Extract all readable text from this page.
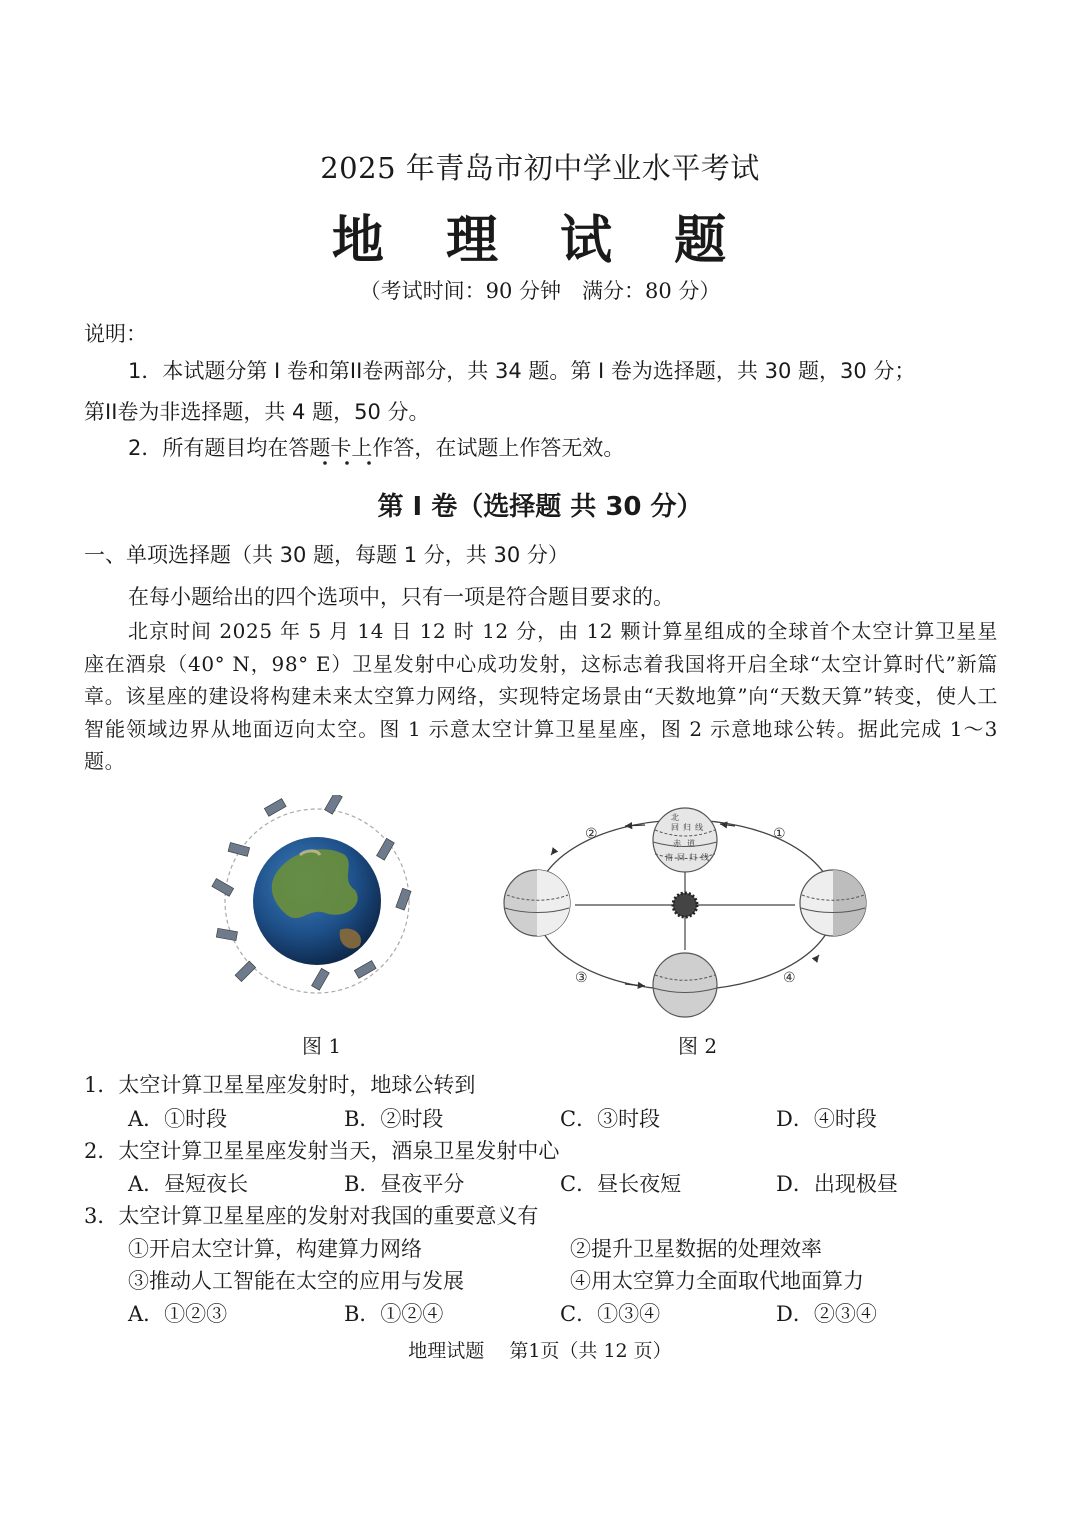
2025 年青岛市初中学业水平考试
地 理 试 题
（考试时间：90 分钟　满分：80 分）
说明：
1．本试题分第 I 卷和第II卷两部分，共 34 题。第 I 卷为选择题，共 30 题，30 分；
第II卷为非选择题，共 4 题，50 分。
2．所有题目均在答题卡上作答，在试题上作答无效。
第 I 卷（选择题 共 30 分）
一、单项选择题（共 30 题，每题 1 分，共 30 分）
在每小题给出的四个选项中，只有一项是符合题目要求的。
北京时间 2025 年 5 月 14 日 12 时 12 分，由 12 颗计算星组成的全球首个太空计算卫星星座在酒泉（40° N，98° E）卫星发射中心成功发射，这标志着我国将开启全球“太空计算时代”新篇章。该星座的建设将构建未来太空算力网络，实现特定场景由“天数地算”向“天数天算”转变，使人工智能领域边界从地面迈向太空。图 1 示意太空计算卫星星座，图 2 示意地球公转。据此完成 1～3 题。
图 1
②	①
③	④
北
回 归 线
赤 道
南 回 归 线
图 2
1．太空计算卫星星座发射时，地球公转到
A．①时段	B．②时段	C．③时段	D．④时段
2．太空计算卫星星座发射当天，酒泉卫星发射中心
A．昼短夜长	B．昼夜平分	C．昼长夜短	D．出现极昼
3．太空计算卫星星座的发射对我国的重要意义有
①开启太空计算，构建算力网络	②提升卫星数据的处理效率
③推动人工智能在太空的应用与发展	④用太空算力全面取代地面算力
A．①②③	B．①②④	C．①③④	D．②③④
地理试题　 第1页（共 12 页）
